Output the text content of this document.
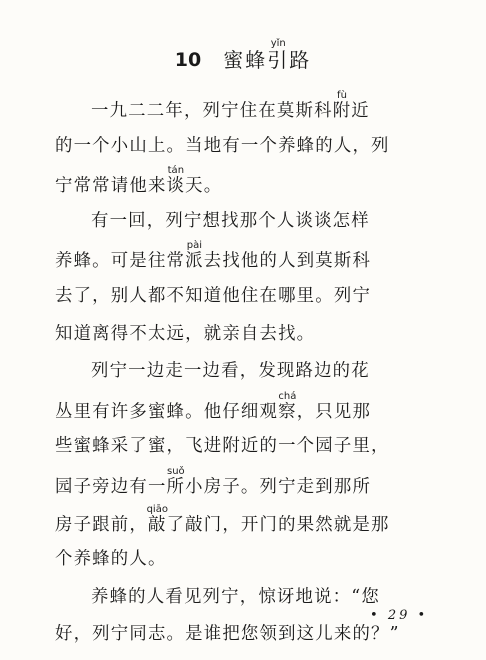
10 蜜蜂引yǐn路
一九二二年，列宁住在莫斯科附fù近
的一个小山上。当地有一个养蜂的人，列
宁常常请他来谈tán天。
有一回，列宁想找那个人谈谈怎样
养蜂。可是往常派pài去找他的人到莫斯科
去了，别人都不知道他住在哪里。列宁
知道离得不太远，就亲自去找。
列宁一边走一边看，发现路边的花
丛里有许多蜜蜂。他仔细观察chá，只见那
些蜜蜂采了蜜，飞进附近的一个园子里，
园子旁边有一所suǒ小房子。列宁走到那所
房子跟前，敲qiāo了敲门，开门的果然就是那
个养蜂的人。
养蜂的人看见列宁，惊讶地说：“您
好，列宁同志。是谁把您领到这儿来的？”
• 29 •
